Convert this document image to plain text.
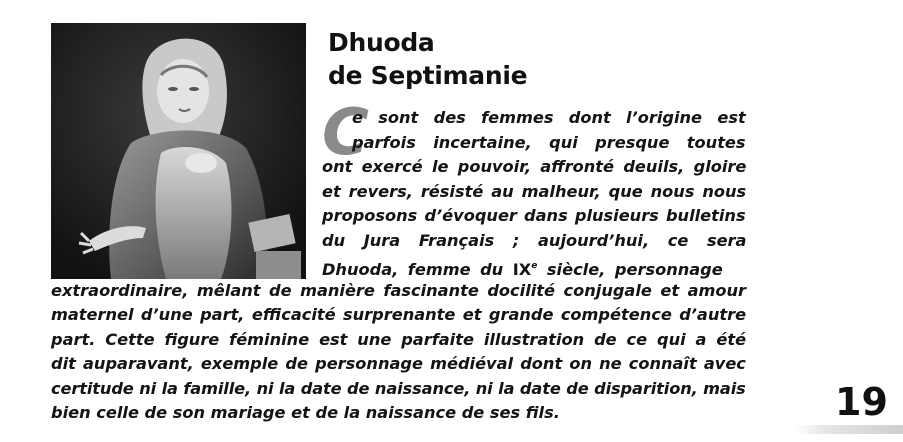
Dhuoda
de Septimanie
C
e sont des femmes dont l’origine est
parfois incertaine, qui presque toutes
ont exercé le pouvoir, affronté deuils, gloire
et revers, résisté au malheur, que nous nous
proposons d’évoquer dans plusieurs bulletins
du Jura Français ; aujourd’hui, ce sera
Dhuoda, femme du IXe siècle, personnage
extraordinaire, mêlant de manière fascinante docilité conjugale et amour
maternel d’une part, efficacité surprenante et grande compétence d’autre
part. Cette figure féminine est une parfaite illustration de ce qui a été
dit auparavant, exemple de personnage médiéval dont on ne connaît avec
certitude ni la famille, ni la date de naissance, ni la date de disparition, mais
bien celle de son mariage et de la naissance de ses fils.	19
